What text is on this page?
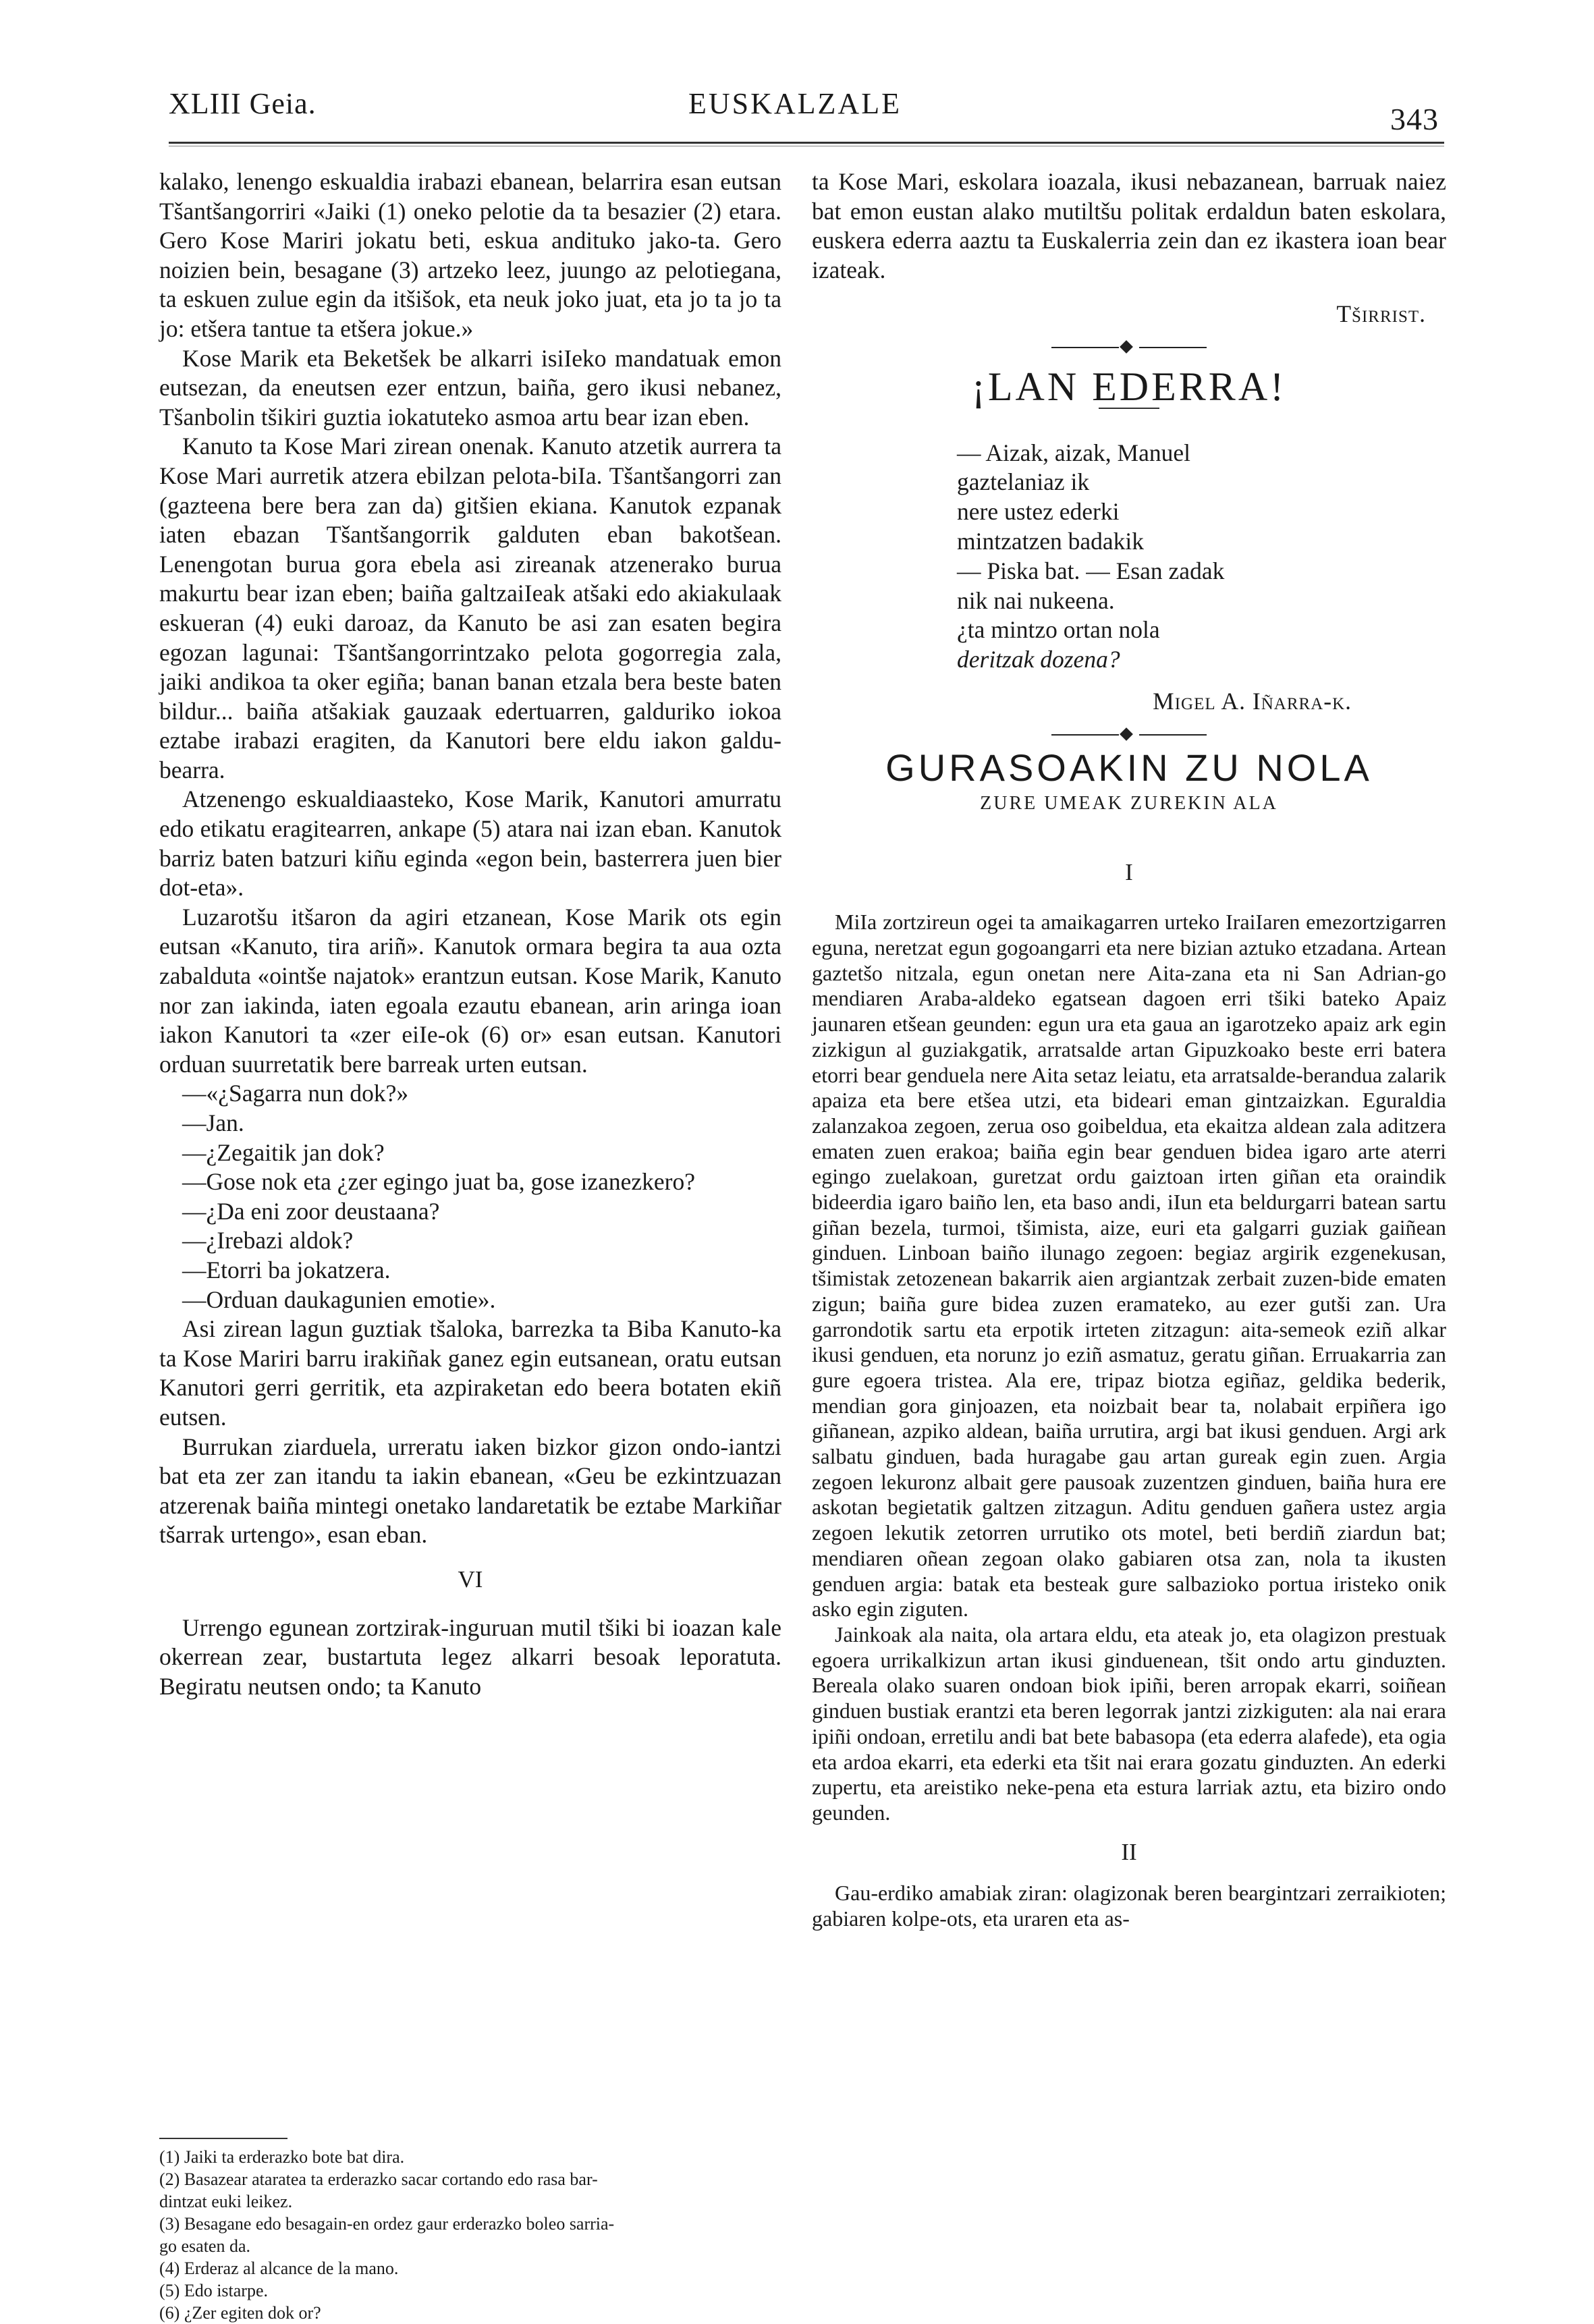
XLIII Geia.	EUSKALZALE	343

kalako, lenengo eskualdia irabazi ebanean, belarrira esan eutsan Tšantšangorriri «Jaiki (1) oneko pelotie da ta besazier (2) etara. Gero Kose Mariri jokatu beti, eskua andituko jako-ta. Gero noizien bein, besagane (3) artzeko leez, juungo az pelotiegana, ta eskuen zulue egin da itšišok, eta neuk joko juat, eta jo ta jo ta jo: etšera tantue ta etšera jokue.»

Kose Marik eta Beketšek be alkarri isiIeko mandatuak emon eutsezan, da eneutsen ezer entzun, baiña, gero ikusi nebanez, Tšanbolin tšikiri guztia iokatuteko asmoa artu bear izan eben.

Kanuto ta Kose Mari zirean onenak. Kanuto atzetik aurrera ta Kose Mari aurretik atzera ebilzan pelota-biIa. Tšantšangorri zan (gazteena bere bera zan da) gitšien ekiana. Kanutok ezpanak iaten ebazan Tšantšangorrik galduten eban bakotšean. Lenengotan burua gora ebela asi zireanak atzenerako burua makurtu bear izan eben; baiña galtzaiIeak atšaki edo akiakulaak eskueran (4) euki daroaz, da Kanuto be asi zan esaten begira egozan lagunai: Tšantšangorrintzako pelota gogorregia zala, jaiki andikoa ta oker egiña; banan banan etzala bera beste baten bildur... baiña atšakiak gauzaak edertuarren, galduriko iokoa eztabe irabazi eragiten, da Kanutori bere eldu iakon galdu-bearra.

Atzenengo eskualdiaasteko, Kose Marik, Kanutori amurratu edo etikatu eragitearren, ankape (5) atara nai izan eban. Kanutok barriz baten batzuri kiñu eginda «egon bein, basterrera juen bier dot-eta».

Luzarotšu itšaron da agiri etzanean, Kose Marik ots egin eutsan «Kanuto, tira ariñ». Kanutok ormara begira ta aua ozta zabalduta «ointše najatok» erantzun eutsan. Kose Marik, Kanuto nor zan iakinda, iaten egoala ezautu ebanean, arin aringa ioan iakon Kanutori ta «zer eiIe-ok (6) or» esan eutsan. Kanutori orduan suurretatik bere barreak urten eutsan.

—«¿Sagarra nun dok?»

—Jan.

—¿Zegaitik jan dok?

—Gose nok eta ¿zer egingo juat ba, gose izanezkero?

—¿Da eni zoor deustaana?

—¿Irebazi aldok?

—Etorri ba jokatzera.

—Orduan daukagunien emotie».

Asi zirean lagun guztiak tšaloka, barrezka ta Biba Kanuto-ka ta Kose Mariri barru irakiñak ganez egin eutsanean, oratu eutsan Kanutori gerri gerritik, eta azpiraketan edo beera botaten ekiñ eutsen.

Burrukan ziarduela, urreratu iaken bizkor gizon ondo-iantzi bat eta zer zan itandu ta iakin ebanean, «Geu be ezkintzuazan atzerenak baiña mintegi onetako landaretatik be eztabe Markiñar tšarrak urtengo», esan eban.

VI

Urrengo egunean zortzirak-inguruan mutil tšiki bi ioazan kale okerrean zear, bustartuta legez alkarri besoak leporatuta. Begiratu neutsen ondo; ta Kanuto

(1) Jaiki ta erderazko bote bat dira.
(2) Basazear ataratea ta erderazko sacar cortando edo rasa bar-
dintzat euki leikez.
(3) Besagane edo besagain-en ordez gaur erderazko boleo sarria-
go esaten da.
(4) Erderaz al alcance de la mano.
(5) Edo istarpe.
(6) ¿Zer egiten dok or?

ta Kose Mari, eskolara ioazala, ikusi nebazanean, barruak naiez bat emon eustan alako mutiltšu politak erdaldun baten eskolara, euskera ederra aaztu ta Euskalerria zein dan ez ikastera ioan bear izateak.

Tširrist.

¡LAN EDERRA!
— Aizak, aizak, Manuel
gaztelaniaz ik
nere ustez ederki
mintzatzen badakik
— Piska bat. — Esan zadak
nik nai nukeena.
¿ta mintzo ortan nola
deritzak dozena?

Migel A. Iñarra-k.

GURASOAKIN ZU NOLA
ZURE UMEAK ZUREKIN ALA
I

MiIa zortzireun ogei ta amaikagarren urteko IraiIaren emezortzigarren eguna, neretzat egun gogoangarri eta nere bizian aztuko etzadana. Artean gaztetšo nitzala, egun onetan nere Aita-zana eta ni San Adrian-go mendiaren Araba-aldeko egatsean dagoen erri tšiki bateko Apaiz jaunaren etšean geunden: egun ura eta gaua an igarotzeko apaiz ark egin zizkigun al guziakgatik, arratsalde artan Gipuzkoako beste erri batera etorri bear genduela nere Aita setaz leiatu, eta arratsalde-berandua zalarik apaiza eta bere etšea utzi, eta bideari eman gintzaizkan. Eguraldia zalanzakoa zegoen, zerua oso goibeldua, eta ekaitza aldean zala aditzera ematen zuen erakoa; baiña egin bear genduen bidea igaro arte aterri egingo zuelakoan, guretzat ordu gaiztoan irten giñan eta oraindik bideerdia igaro baiño len, eta baso andi, iIun eta beldurgarri batean sartu giñan bezela, turmoi, tšimista, aize, euri eta galgarri guziak gaiñean ginduen. Linboan baiño ilunago zegoen: begiaz argirik ezgenekusan, tšimistak zetozenean bakarrik aien argiantzak zerbait zuzen-bide ematen zigun; baiña gure bidea zuzen eramateko, au ezer gutši zan. Ura garrondotik sartu eta erpotik irteten zitzagun: aita-semeok eziñ alkar ikusi genduen, eta norunz jo eziñ asmatuz, geratu giñan. Erruakarria zan gure egoera tristea. Ala ere, tripaz biotza egiñaz, geldika bederik, mendian gora ginjoazen, eta noizbait bear ta, nolabait erpiñera igo giñanean, azpiko aldean, baiña urrutira, argi bat ikusi genduen. Argi ark salbatu ginduen, bada huragabe gau artan gureak egin zuen. Argia zegoen lekuronz albait gere pausoak zuzentzen ginduen, baiña hura ere askotan begietatik galtzen zitzagun. Aditu genduen gañera ustez argia zegoen lekutik zetorren urrutiko ots motel, beti berdiñ ziardun bat; mendiaren oñean zegoan olako gabiaren otsa zan, nola ta ikusten genduen argia: batak eta besteak gure salbazioko portua iristeko onik asko egin ziguten.

Jainkoak ala naita, ola artara eldu, eta ateak jo, eta olagizon prestuak egoera urrikalkizun artan ikusi ginduenean, tšit ondo artu ginduzten. Bereala olako suaren ondoan biok ipiñi, beren arropak ekarri, soiñean ginduen bustiak erantzi eta beren legorrak jantzi zizkiguten: ala nai erara ipiñi ondoan, erretilu andi bat bete babasopa (eta ederra alafede), eta ogia eta ardoa ekarri, eta ederki eta tšit nai erara gozatu ginduzten. An ederki zupertu, eta areistiko neke-pena eta estura larriak aztu, eta biziro ondo geunden.

II

Gau-erdiko amabiak ziran: olagizonak beren beargintzari zerraikioten; gabiaren kolpe-ots, eta uraren eta as-
